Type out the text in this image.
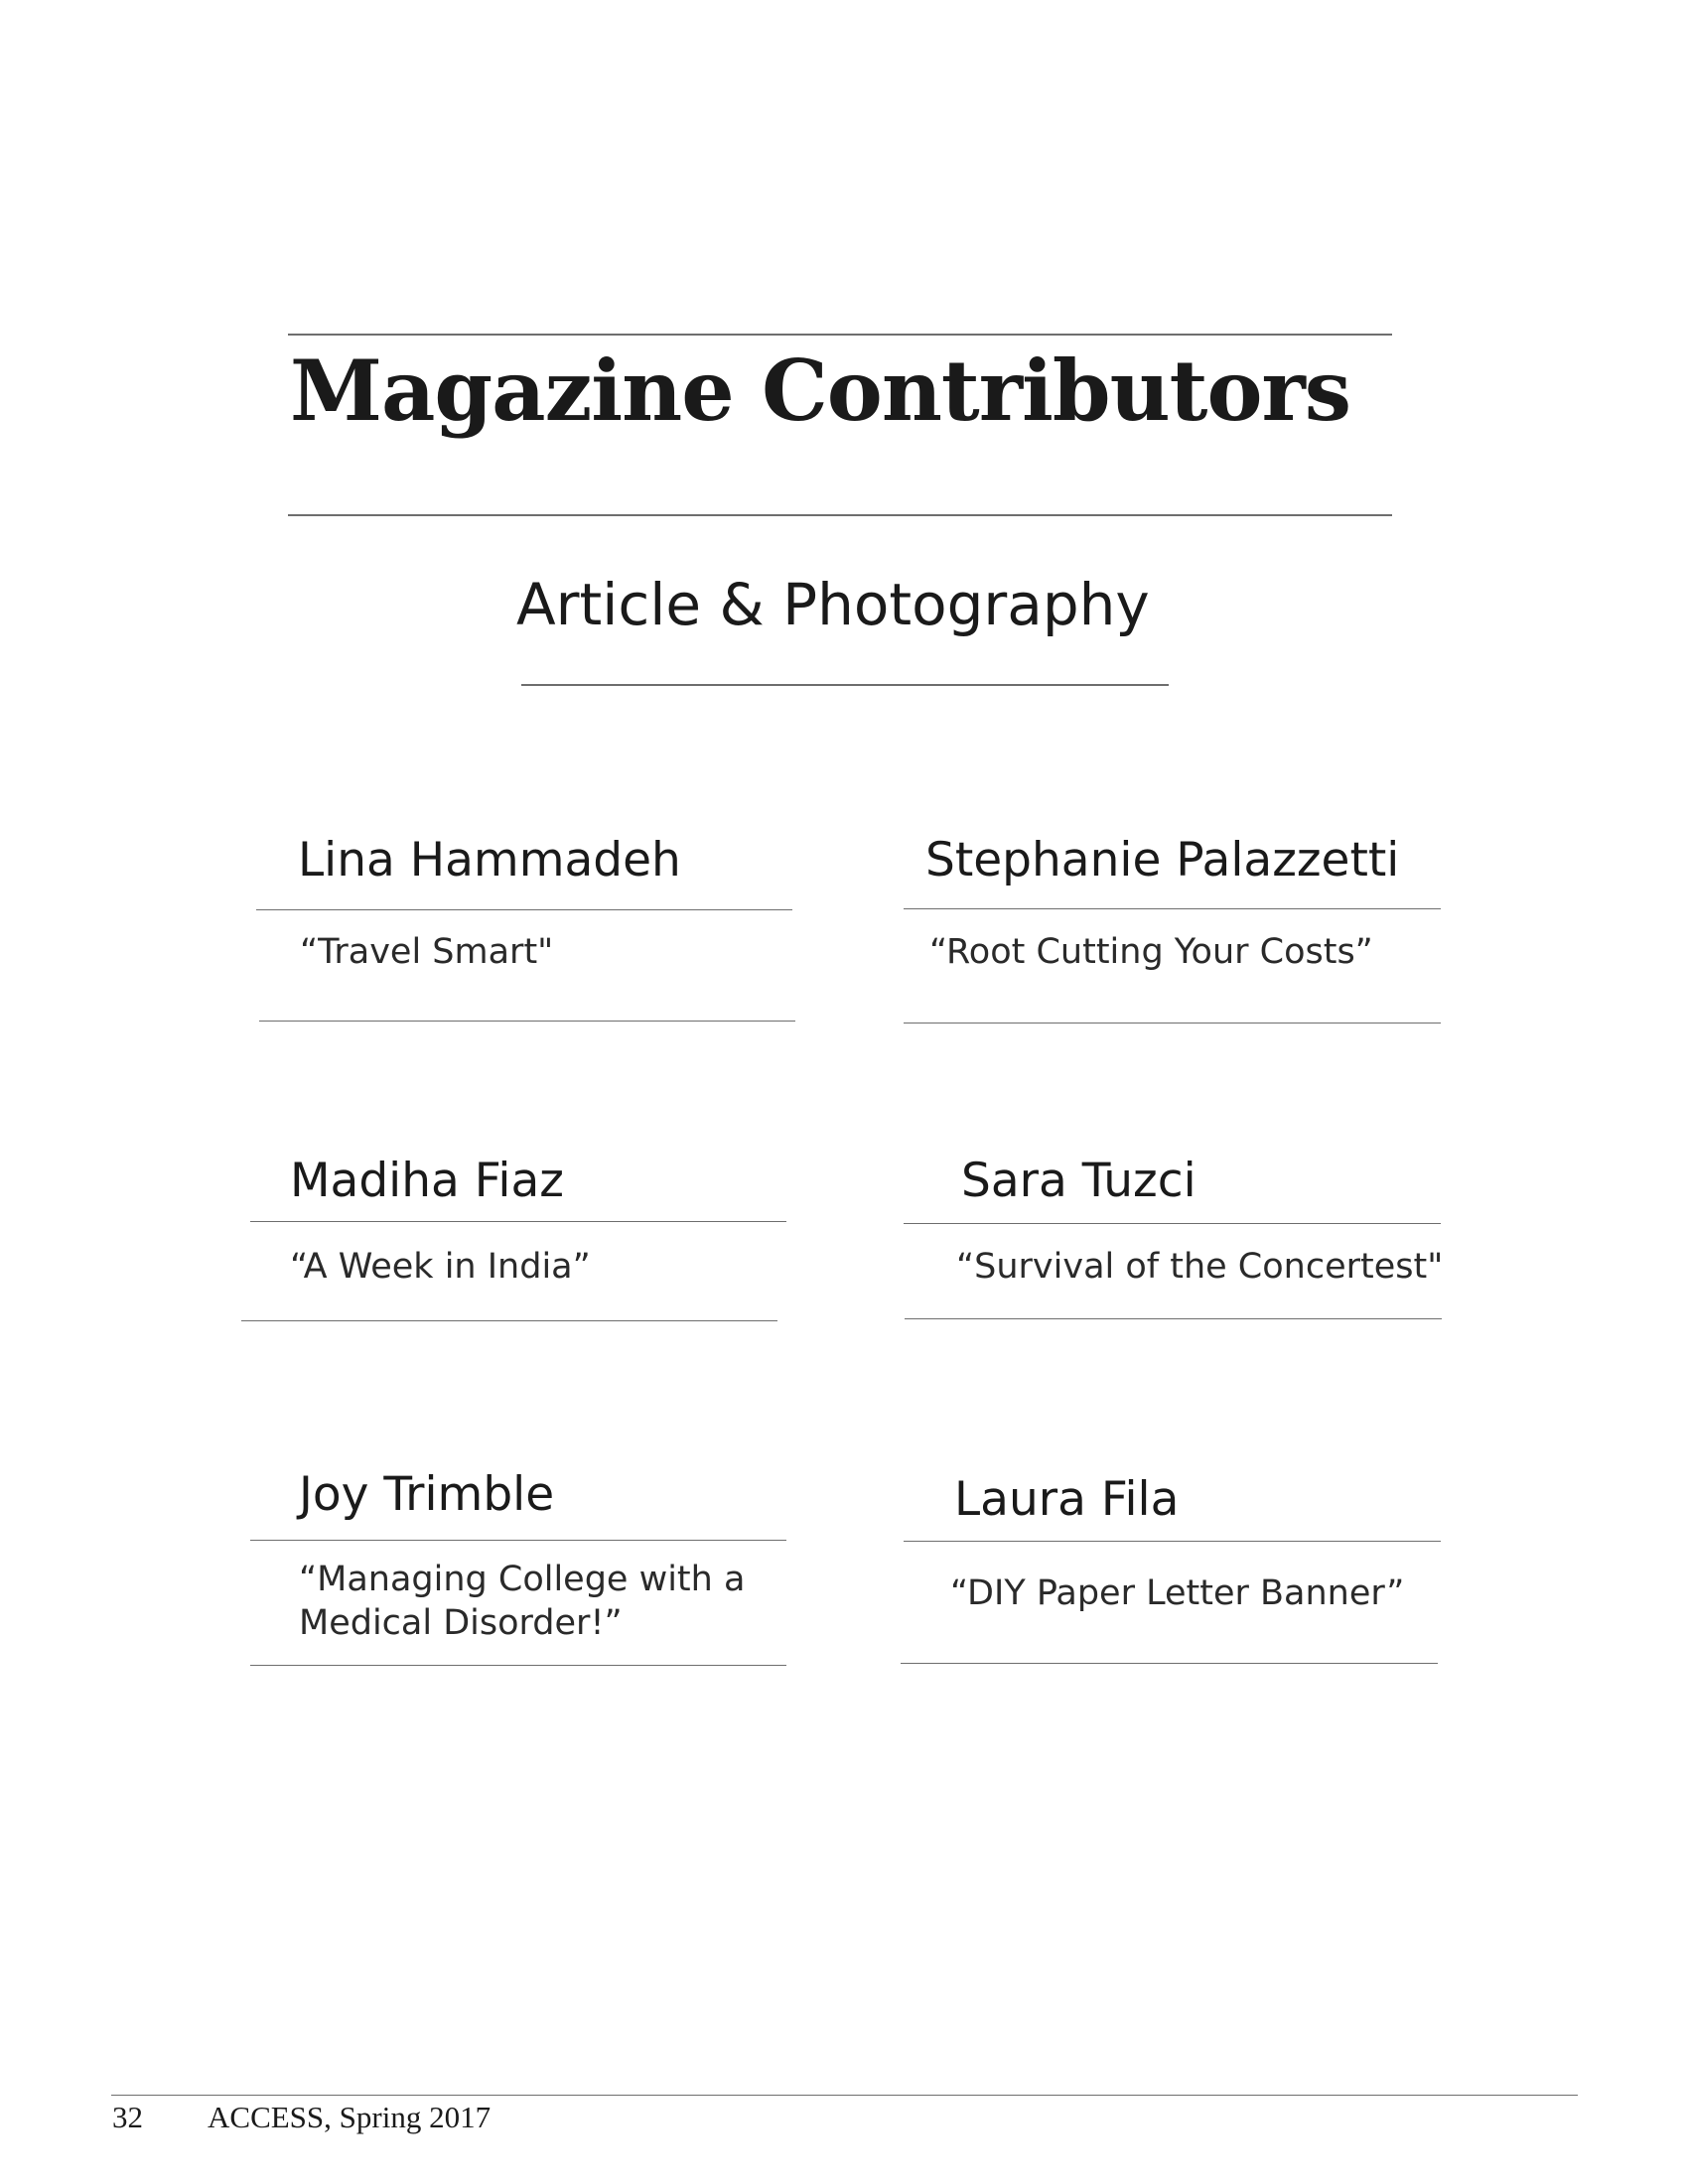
Magazine Contributors
Article & Photography
Lina Hammadeh
“Travel Smart"
Stephanie Palazzetti
“Root Cutting Your Costs”
Madiha Fiaz
“A Week in India”
Sara Tuzci
“Survival of the Concertest"
Joy Trimble
“Managing College with a
Medical Disorder!”
Laura Fila
“DIY Paper Letter Banner”
32 ACCESS, Spring 2017
